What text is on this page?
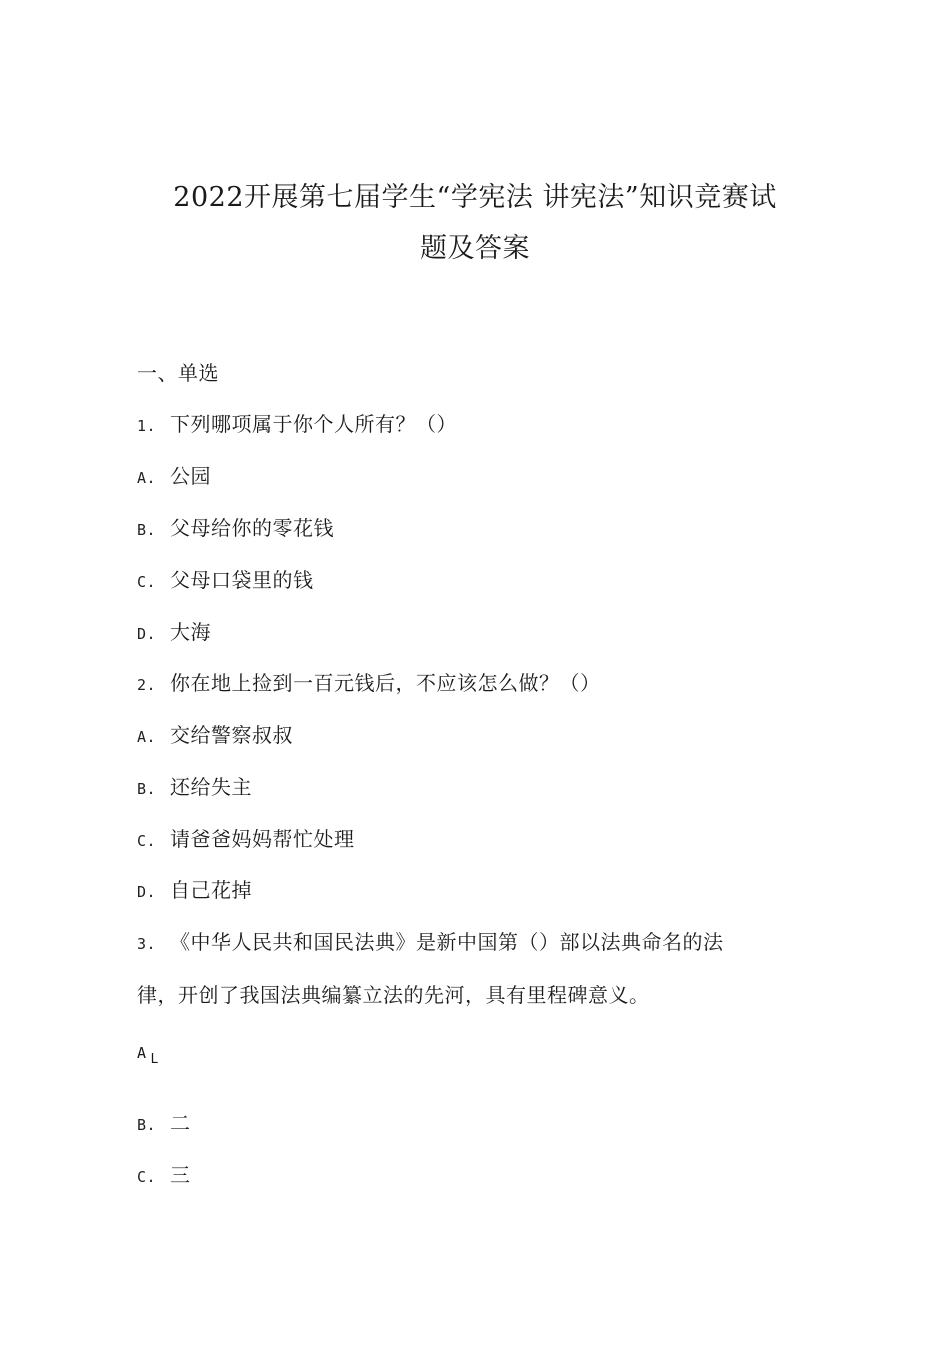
2022开展第七届学生“学宪法 讲宪法”知识竞赛试
题及答案
一、单选
1. 下列哪项属于你个人所有？（）
A. 公园
B. 父母给你的零花钱
C. 父母口袋里的钱
D. 大海
2. 你在地上捡到一百元钱后，不应该怎么做？（）
A. 交给警察叔叔
B. 还给失主
C. 请爸爸妈妈帮忙处理
D. 自己花掉
3. 《中华人民共和国民法典》是新中国第（）部以法典命名的法
律，开创了我国法典编纂立法的先河，具有里程碑意义。
A L
B. 二
C. 三
